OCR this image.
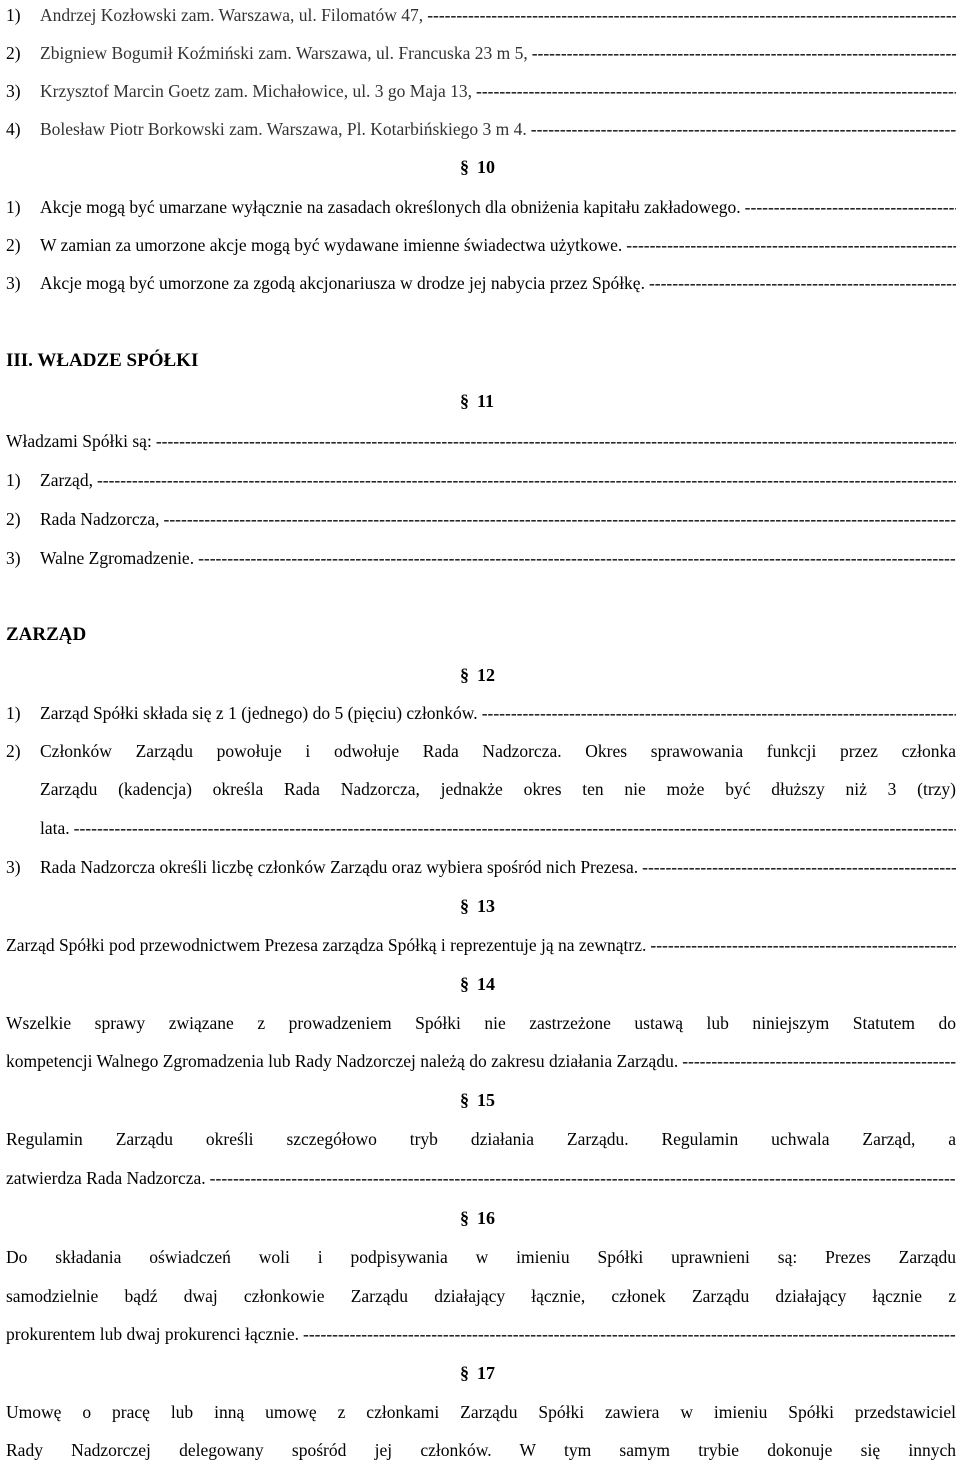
1)	Andrzej Kozłowski zam. Warszawa, ul. Filomatów 47,
-----
2)	Zbigniew Bogumił Koźmiński zam. Warszawa, ul. Francuska 23 m 5,
-----
3)	Krzysztof Marcin Goetz zam. Michałowice, ul. 3 go Maja 13,
-----
4)	Bolesław Piotr Borkowski zam. Warszawa, Pl. Kotarbińskiego 3 m 4.
-----
§ 10
1)	Akcje mogą być umarzane wyłącznie na zasadach określonych dla obniżenia kapitału zakładowego.
-----
2)	W zamian za umorzone akcje mogą być wydawane imienne świadectwa użytkowe.
-----
3)	Akcje mogą być umorzone za zgodą akcjonariusza w drodze jej nabycia przez Spółkę.
-----
III. WŁADZE SPÓŁKI
§ 11
Władzami Spółki są:
-----
1)	Zarząd,
-----
2)	Rada Nadzorcza,
-----
3)	Walne Zgromadzenie.
-----
ZARZĄD
§ 12
1)	Zarząd Spółki składa się z 1 (jednego) do 5 (pięciu) członków.
-----
2)	Członków Zarządu powołuje i odwołuje Rada Nadzorcza. Okres sprawowania funkcji przez członka
Zarządu (kadencja) określa Rada Nadzorcza, jednakże okres ten nie może być dłuższy niż 3 (trzy)
lata.
-----
3)	Rada Nadzorcza określi liczbę członków Zarządu oraz wybiera spośród nich Prezesa.
-----
§ 13
Zarząd Spółki pod przewodnictwem Prezesa zarządza Spółką i reprezentuje ją na zewnątrz.
-----
§ 14
Wszelkie sprawy związane z prowadzeniem Spółki nie zastrzeżone ustawą lub niniejszym Statutem do
kompetencji Walnego Zgromadzenia lub Rady Nadzorczej należą do zakresu działania Zarządu.
-----
§ 15
Regulamin Zarządu określi szczegółowo tryb działania Zarządu. Regulamin uchwala Zarząd, a
zatwierdza Rada Nadzorcza.
-----
§ 16
Do składania oświadczeń woli i podpisywania w imieniu Spółki uprawnieni są: Prezes Zarządu
samodzielnie bądź dwaj członkowie Zarządu działający łącznie, członek Zarządu działający łącznie z
prokurentem lub dwaj prokurenci łącznie.
-----
§ 17
Umowę o pracę lub inną umowę z członkami Zarządu Spółki zawiera w imieniu Spółki przedstawiciel
Rady Nadzorczej delegowany spośród jej członków. W tym samym trybie dokonuje się innych
